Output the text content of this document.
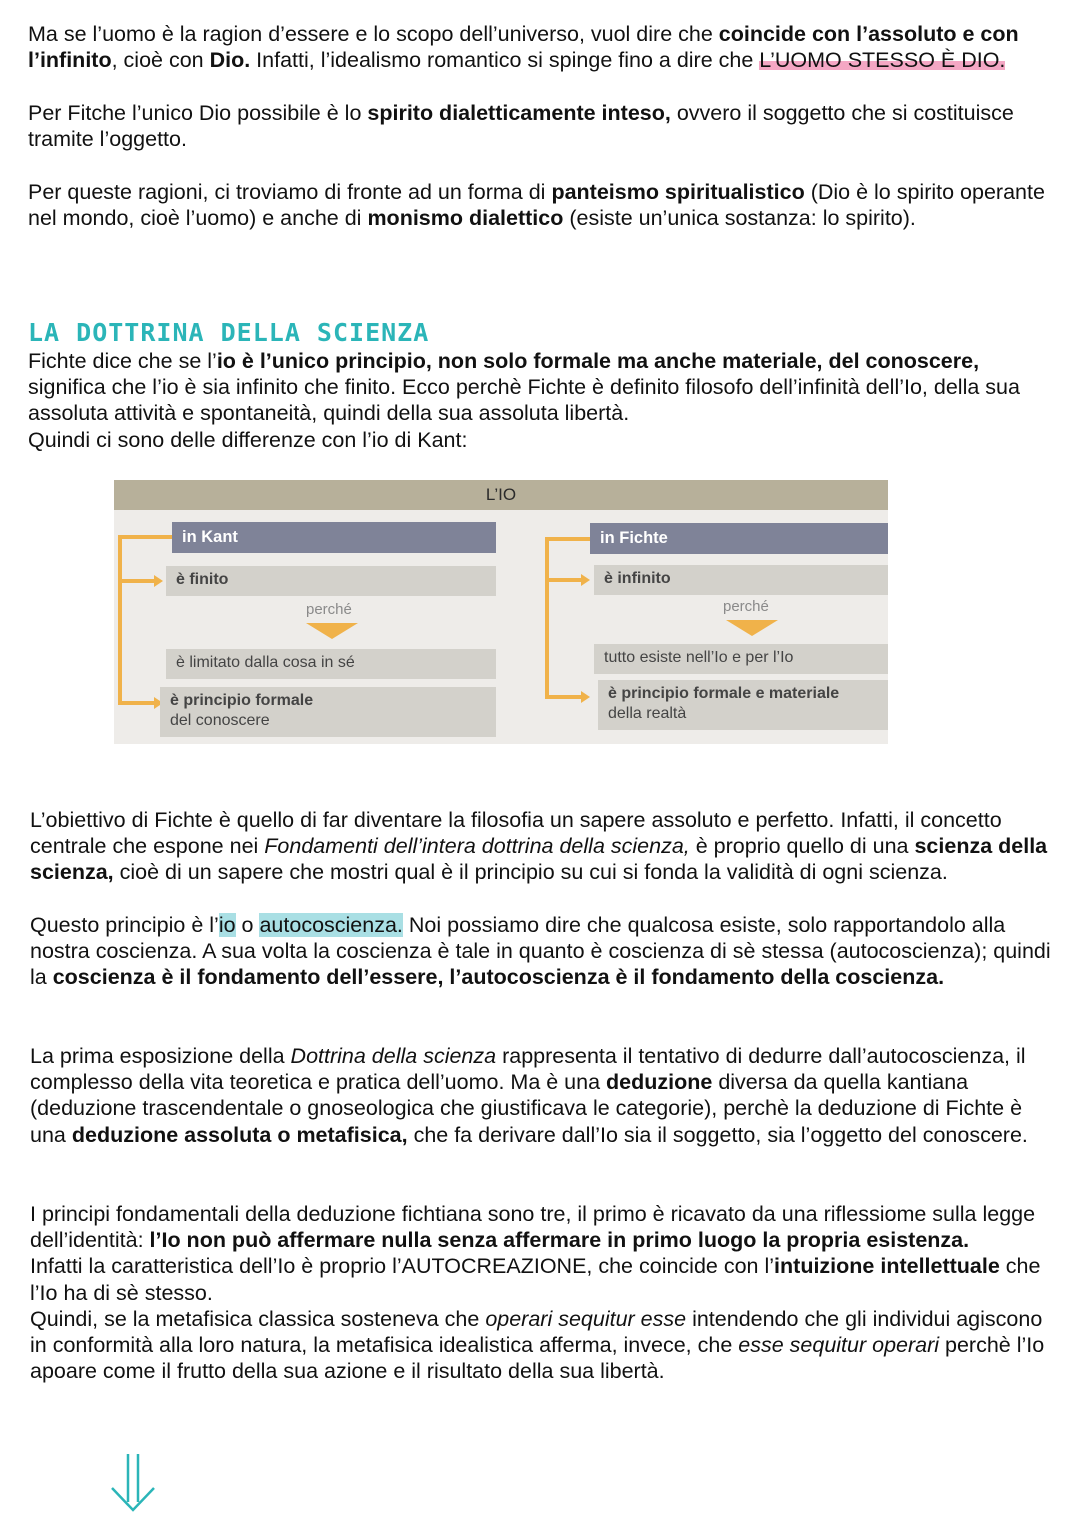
Ma se l’uomo è la ragion d’essere e lo scopo dell’universo, vuol dire che coincide con l’assoluto e con l’infinito, cioè con Dio. Infatti, l’idealismo romantico si spinge fino a dire che L’UOMO STESSO È DIO.

Per Fitche l’unico Dio possibile è lo spirito dialetticamente inteso, ovvero il soggetto che si costituisce tramite l’oggetto.

Per queste ragioni, ci troviamo di fronte ad un forma di panteismo spiritualistico (Dio è lo spirito operante nel mondo, cioè l’uomo) e anche di monismo dialettico (esiste un’unica sostanza: lo spirito).

LA DOTTRINA DELLA SCIENZA

Fichte dice che se l’io è l’unico principio, non solo formale ma anche materiale, del conoscere, significa che l’io è sia infinito che finito. Ecco perchè Fichte è definito filosofo dell’infinità dell’Io, della sua assoluta attività e spontaneità, quindi della sua assoluta libertà.
Quindi ci sono delle differenze con l’io di Kant:

L’IO
in Kant
è finito
perché
è limitato dalla cosa in sé
è principio formale
del conoscere
in Fichte
è infinito
perché
tutto esiste nell’Io e per l’Io
è principio formale e materiale
della realtà

L’obiettivo di Fichte è quello di far diventare la filosofia un sapere assoluto e perfetto. Infatti, il concetto centrale che espone nei Fondamenti dell’intera dottrina della scienza, è proprio quello di una scienza della scienza, cioè di un sapere che mostri qual è il principio su cui si fonda la validità di ogni scienza.

Questo principio è l’io o autocoscienza. Noi possiamo dire che qualcosa esiste, solo rapportandolo alla nostra coscienza. A sua volta la coscienza è tale in quanto è coscienza di sè stessa (autocoscienza); quindi la coscienza è il fondamento dell’essere, l’autocoscienza è il fondamento della coscienza.

La prima esposizione della Dottrina della scienza rappresenta il tentativo di dedurre dall’autocoscienza, il complesso della vita teoretica e pratica dell’uomo. Ma è una deduzione diversa da quella kantiana (deduzione trascendentale o gnoseologica che giustificava le categorie), perchè la deduzione di Fichte è una deduzione assoluta o metafisica, che fa derivare dall’Io sia il soggetto, sia l’oggetto del conoscere.

I principi fondamentali della deduzione fichtiana sono tre, il primo è ricavato da una riflessiome sulla legge dell’identità: l’Io non può affermare nulla senza affermare in primo luogo la propria esistenza.
Infatti la caratteristica dell’Io è proprio l’AUTOCREAZIONE, che coincide con l’intuizione intellettuale che l’Io ha di sè stesso.
Quindi, se la metafisica classica sosteneva che operari sequitur esse intendendo che gli individui agiscono in conformità alla loro natura, la metafisica idealistica afferma, invece, che esse sequitur operari perchè l’Io apoare come il frutto della sua azione e il risultato della sua libertà.
